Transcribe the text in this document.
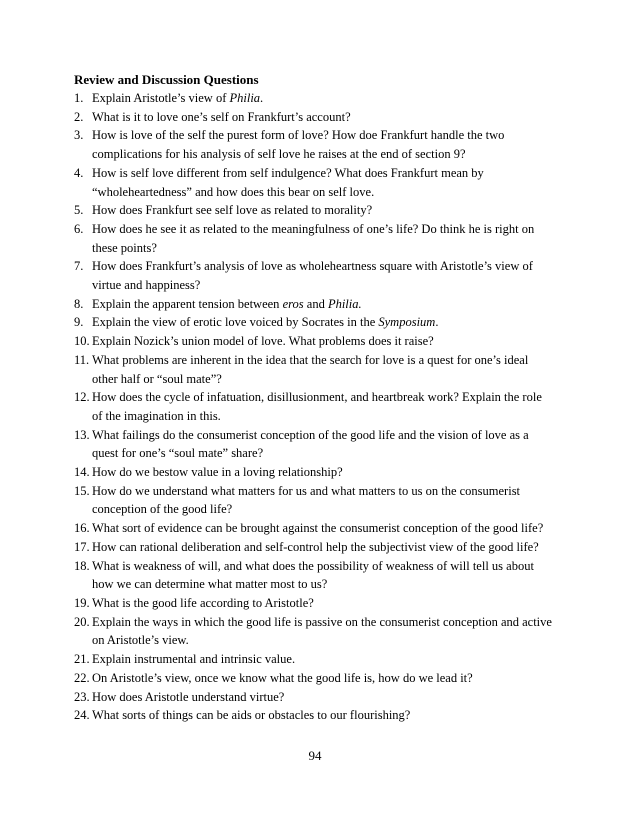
Review and Discussion Questions
1. Explain Aristotle’s view of Philia.
2. What is it to love one’s self on Frankfurt’s account?
3. How is love of the self the purest form of love? How doe Frankfurt handle the two complications for his analysis of self love he raises at the end of section 9?
4. How is self love different from self indulgence? What does Frankfurt mean by “wholeheartedness” and how does this bear on self love.
5. How does Frankfurt see self love as related to morality?
6. How does he see it as related to the meaningfulness of one’s life? Do think he is right on these points?
7. How does Frankfurt’s analysis of love as wholeheartness square with Aristotle’s view of virtue and happiness?
8. Explain the apparent tension between eros and Philia.
9. Explain the view of erotic love voiced by Socrates in the Symposium.
10. Explain Nozick’s union model of love. What problems does it raise?
11. What problems are inherent in the idea that the search for love is a quest for one’s ideal other half or “soul mate”?
12. How does the cycle of infatuation, disillusionment, and heartbreak work? Explain the role of the imagination in this.
13. What failings do the consumerist conception of the good life and the vision of love as a quest for one’s “soul mate” share?
14. How do we bestow value in a loving relationship?
15. How do we understand what matters for us and what matters to us on the consumerist conception of the good life?
16. What sort of evidence can be brought against the consumerist conception of the good life?
17. How can rational deliberation and self-control help the subjectivist view of the good life?
18. What is weakness of will, and what does the possibility of weakness of will tell us about how we can determine what matter most to us?
19. What is the good life according to Aristotle?
20. Explain the ways in which the good life is passive on the consumerist conception and active on Aristotle’s view.
21. Explain instrumental and intrinsic value.
22. On Aristotle’s view, once we know what the good life is, how do we lead it?
23. How does Aristotle understand virtue?
24. What sorts of things can be aids or obstacles to our flourishing?
94
